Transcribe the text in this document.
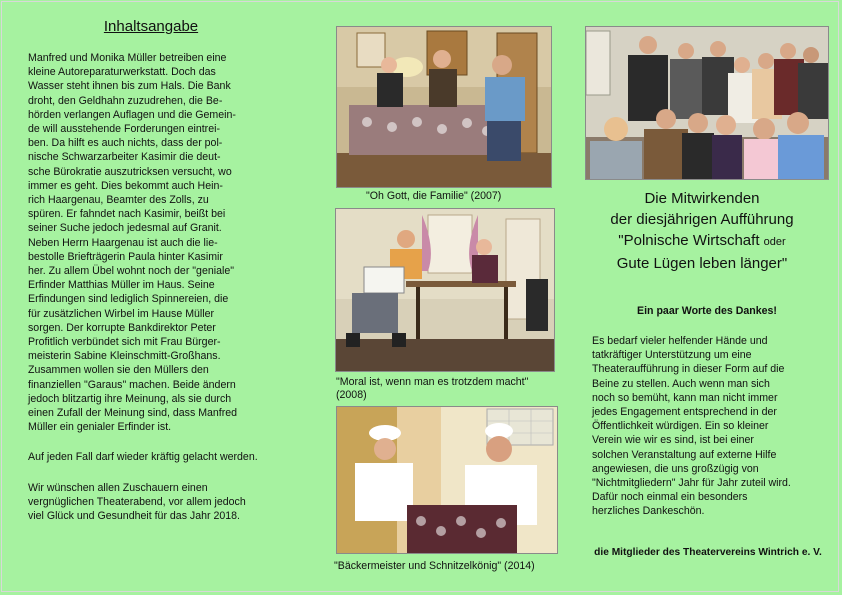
Inhaltsangabe

Manfred und Monika Müller betreiben eine
kleine Autoreparaturwerkstatt. Doch das
Wasser steht ihnen bis zum Hals. Die Bank
droht, den Geldhahn zuzudrehen, die Be-
hörden verlangen Auflagen und die Gemein-
de will ausstehende Forderungen eintrei-
ben. Da hilft es auch nichts, dass der pol-
nische Schwarzarbeiter Kasimir die deut-
sche Bürokratie auszutricksen versucht, wo
immer es geht. Dies bekommt auch Hein-
rich Haargenau, Beamter des Zolls, zu
spüren. Er fahndet nach Kasimir, beißt bei
seiner Suche jedoch jedesmal auf Granit.
Neben Herrn Haargenau ist auch die lie-
bestolle Briefträgerin Paula hinter Kasimir
her. Zu allem Übel wohnt noch der "geniale"
Erfinder Matthias Müller im Haus. Seine
Erfindungen sind lediglich Spinnereien, die
für zusätzlichen Wirbel im Hause Müller
sorgen. Der korrupte Bankdirektor Peter
Profitlich verbündet sich mit Frau Bürger-
meisterin Sabine Kleinschmitt-Großhans.
Zusammen wollen sie den Müllers den
finanziellen "Garaus" machen. Beide ändern
jedoch blitzartig ihre Meinung, als sie durch
einen Zufall der Meinung sind, dass Manfred
Müller ein genialer Erfinder ist.

Auf jeden Fall darf wieder kräftig gelacht werden.

Wir wünschen allen Zuschauern einen
vergnüglichen Theaterabend, vor allem jedoch
viel Glück und Gesundheit für das Jahr 2018.

"Oh Gott, die Familie" (2007)
"Moral ist, wenn man es trotzdem macht"
(2008)
"Bäckermeister und Schnitzelkönig" (2014)
Die Mitwirkenden
der diesjährigen Aufführung
"Polnische Wirtschaft oder
Gute Lügen leben länger"
Ein paar Worte des Dankes!

Es bedarf vieler helfender Hände und
tatkräftiger Unterstützung um eine
Theateraufführung in dieser Form auf die
Beine zu stellen. Auch wenn man sich
noch so bemüht, kann man nicht immer
jedes Engagement entsprechend in der
Öffentlichkeit würdigen. Ein so kleiner
Verein wie wir es sind, ist bei einer
solchen Veranstaltung auf externe Hilfe
angewiesen, die uns großzügig von
"Nichtmitgliedern" Jahr für Jahr zuteil wird.
Dafür noch einmal ein besonders
herzliches Dankeschön.

die Mitglieder des Theatervereins Wintrich e. V.
